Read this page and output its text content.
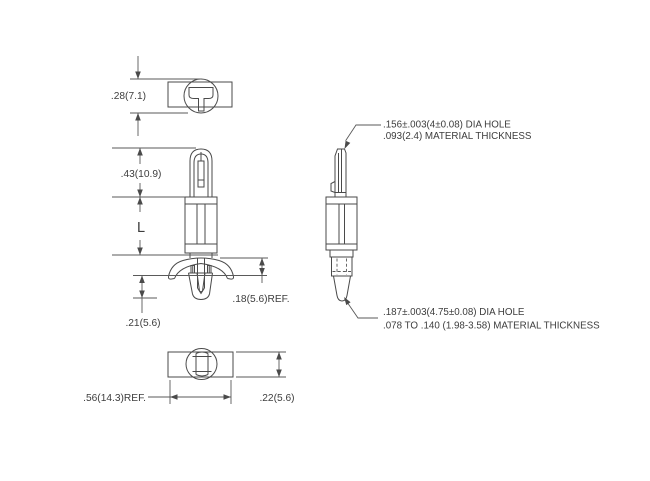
.28(7.1)
.43(10.9)
L
.21(5.6)
.18(5.6)REF.
.156±.003(4±0.08) DIA HOLE
.093(2.4) MATERIAL THICKNESS
.187±.003(4.75±0.08) DIA HOLE
.078 TO .140 (1.98-3.58) MATERIAL THICKNESS
.56(14.3)REF.	.22(5.6)
